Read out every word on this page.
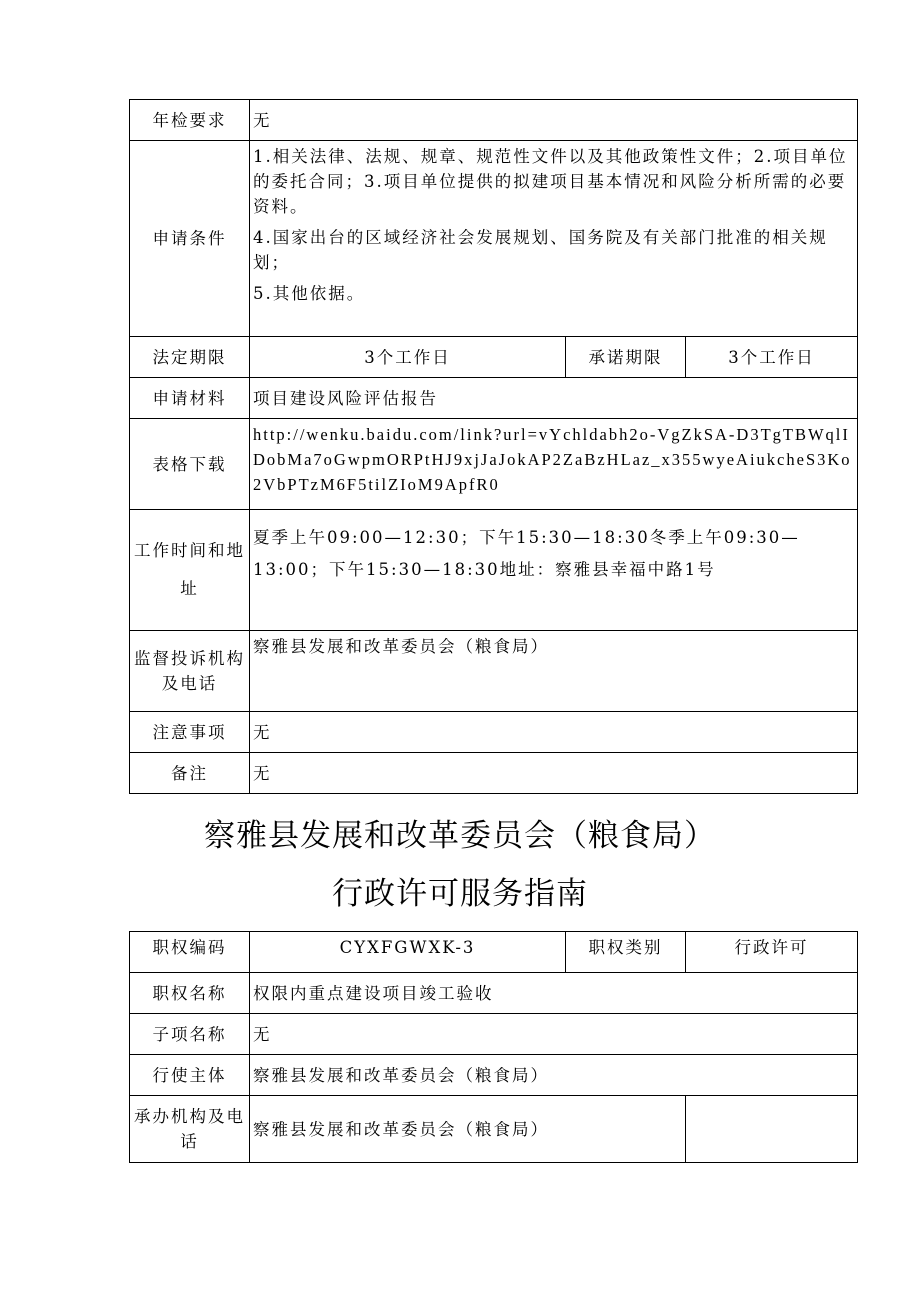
年检要求	无		
申请条件	1.相关法律、法规、规章、规范性文件以及其他政策性文件；2.项目单位的委托合同；3.项目单位提供的拟建项目基本情况和风险分析所需的必要资料。

4.国家出台的区域经济社会发展规划、国务院及有关部门批准的相关规划；

5.其他依据。		

法定期限	3个工作日	承诺期限	3个工作日
申请材料	项目建设风险评估报告		
表格下载	http://wenku.baidu.com/link?url=vYchldabh2o-VgZkSA-D3TgTBWqlIDobMa7oGwpmORPtHJ9xjJaJokAP2ZaBzHLaz_x355wyeAiukcheS3Ko2VbPTzM6F5tilZIoM9ApfR0		
工作时间和地址	夏季上午09:00—12:30；下午15:30—18:30冬季上午09:30—13:00；下午15:30—18:30地址：察雅县幸福中路1号		
监督投诉机构及电话	察雅县发展和改革委员会（粮食局）		
注意事项	无		
备注	无		
察雅县发展和改革委员会（粮食局）
行政许可服务指南
职权编码	CYXFGWXK-3	职权类别	行政许可
职权名称	权限内重点建设项目竣工验收		
子项名称	无		
行使主体	察雅县发展和改革委员会（粮食局）		
承办机构及电话	察雅县发展和改革委员会（粮食局）		
